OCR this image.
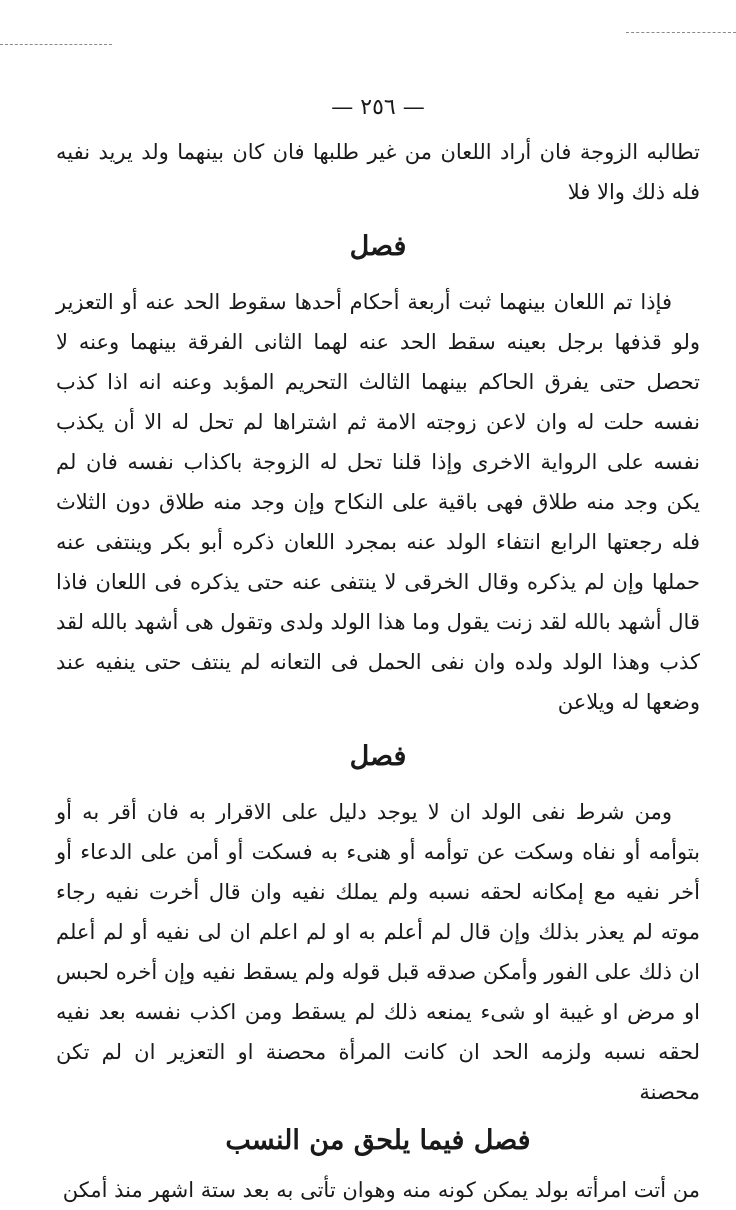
— ٢٥٦ —

تطالبه الزوجة فان أراد اللعان من غير طلبها فان كان بينهما ولد يريد نفيه فله ذلك والا فلا

فصل

فإذا تم اللعان بينهما ثبت أربعة أحكام أحدها سقوط الحد عنه أو التعزير ولو قذفها برجل بعينه سقط الحد عنه لهما الثانى الفرقة بينهما وعنه لا تحصل حتى يفرق الحاكم بينهما الثالث التحريم المؤبد وعنه انه اذا كذب نفسه حلت له وان لاعن زوجته الامة ثم اشتراها لم تحل له الا أن يكذب نفسه على الرواية الاخرى وإذا قلنا تحل له الزوجة باكذاب نفسه فان لم يكن وجد منه طلاق فهى باقية على النكاح وإن وجد منه طلاق دون الثلاث فله رجعتها الرابع انتفاء الولد عنه بمجرد اللعان ذكره أبو بكر وينتفى عنه حملها وإن لم يذكره وقال الخرقى لا ينتفى عنه حتى يذكره فى اللعان فاذا قال أشهد بالله لقد زنت يقول وما هذا الولد ولدى وتقول هى أشهد بالله لقد كذب وهذا الولد ولده وان نفى الحمل فى التعانه لم ينتف حتى ينفيه عند وضعها له ويلاعن

فصل

ومن شرط نفى الولد ان لا يوجد دليل على الاقرار به فان أقر به أو بتوأمه أو نفاه وسكت عن توأمه أو هنىء به فسكت أو أمن على الدعاء أو أخر نفيه مع إمكانه لحقه نسبه ولم يملك نفيه وان قال أخرت نفيه رجاء موته لم يعذر بذلك وإن قال لم أعلم به او لم اعلم ان لى نفيه أو لم أعلم ان ذلك على الفور وأمكن صدقه قبل قوله ولم يسقط نفيه وإن أخره لحبس او مرض او غيبة او شىء يمنعه ذلك لم يسقط ومن اكذب نفسه بعد نفيه لحقه نسبه ولزمه الحد ان كانت المرأة محصنة او التعزير ان لم تكن محصنة

فصل فيما يلحق من النسب

من أتت امرأته بولد يمكن كونه منه وهوان تأتى به بعد ستة اشهر منذ أمكن
